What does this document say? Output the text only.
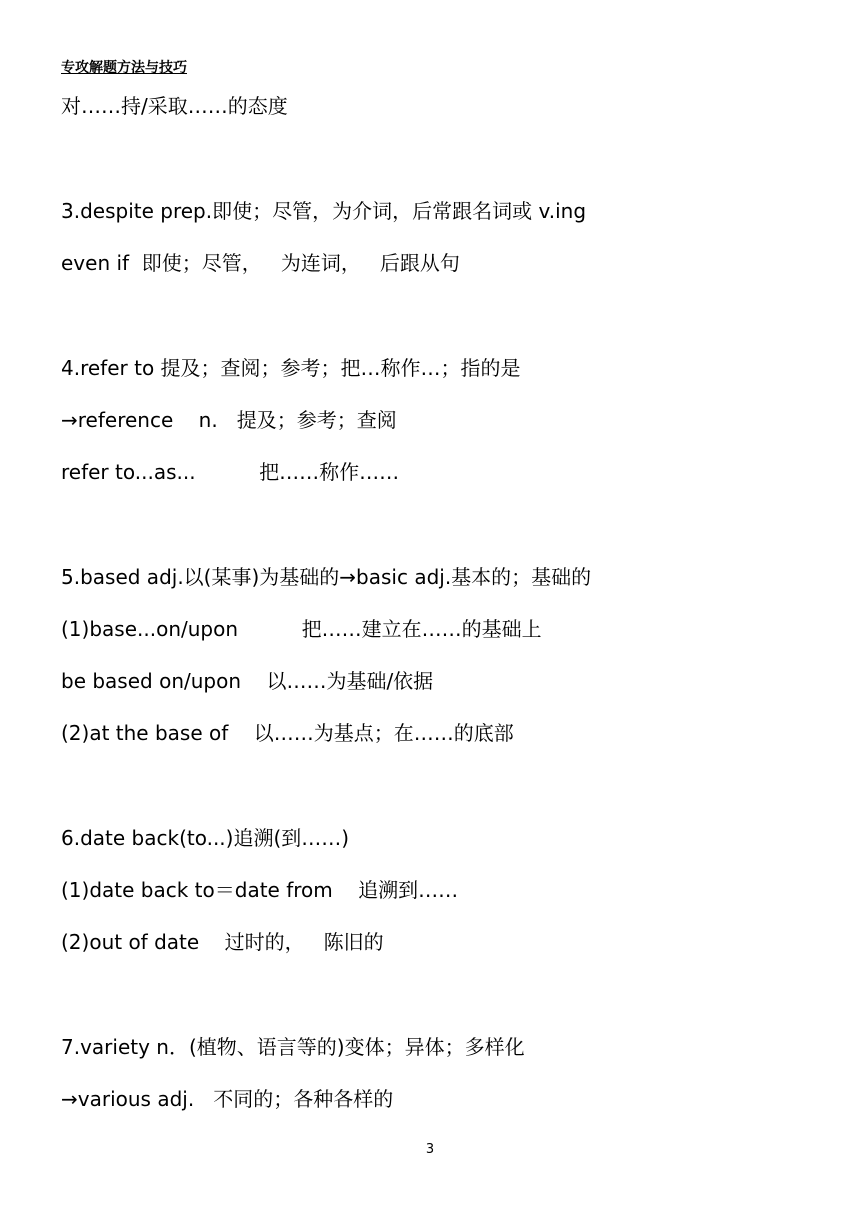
专攻解题方法与技巧
对……持/采取……的态度
3.despite prep.即使；尽管，为介词，后常跟名词或 v.ing
even if  即使；尽管，   为连词，   后跟从句
4.refer to 提及；查阅；参考；把…称作…；指的是
→reference    n.   提及；参考；查阅
refer to...as...          把……称作……
5.based adj.以(某事)为基础的→basic adj.基本的；基础的
(1)base...on/upon          把……建立在……的基础上
be based on/upon    以……为基础/依据
(2)at the base of    以……为基点；在……的底部
6.date back(to...)追溯(到……)
(1)date back to＝date from    追溯到……
(2)out of date    过时的，   陈旧的
7.variety n．(植物、语言等的)变体；异体；多样化
→various adj.   不同的；各种各样的
3
